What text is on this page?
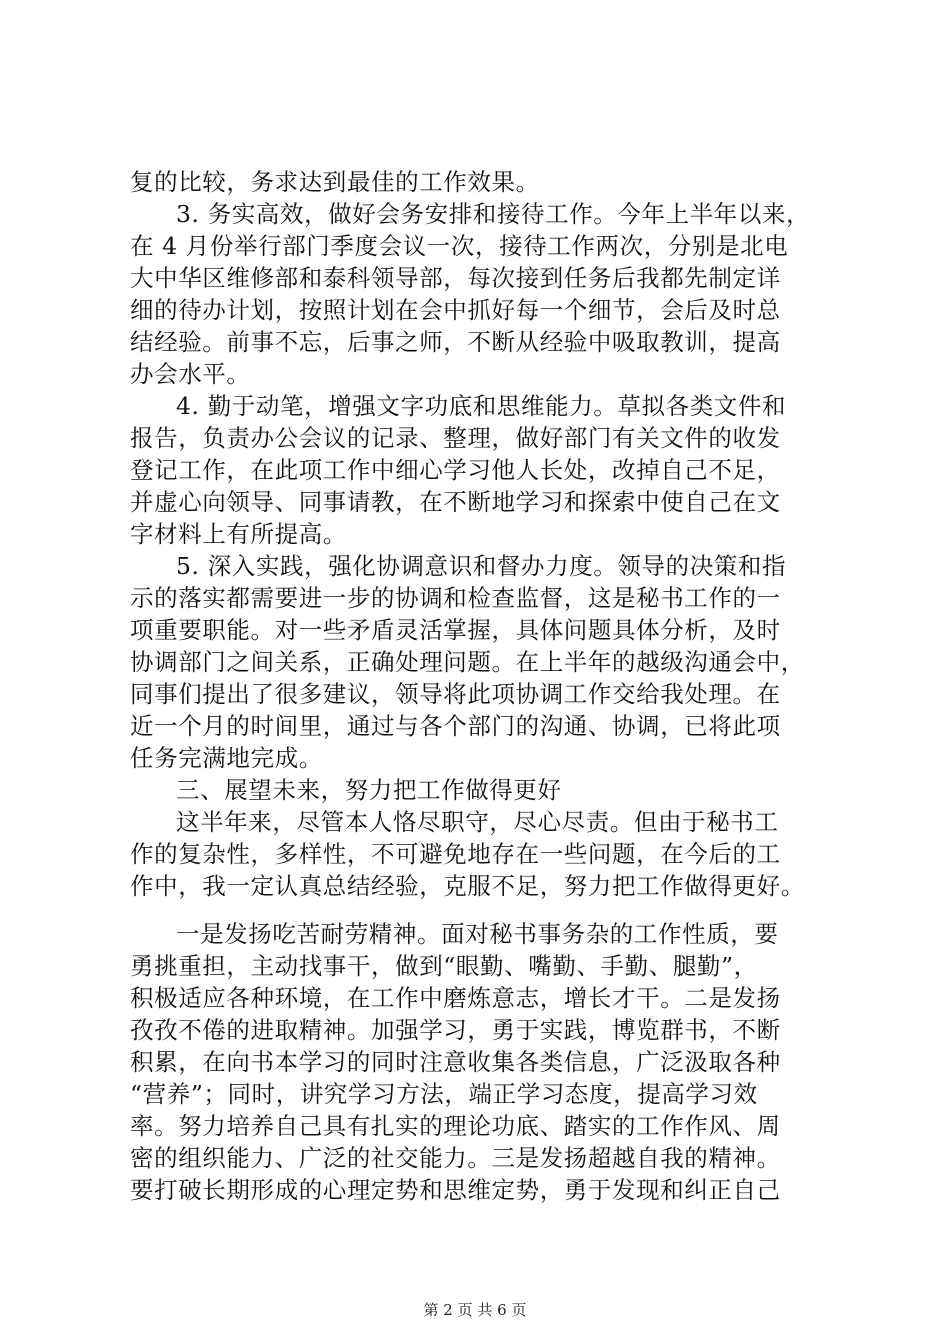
复的比较，务求达到最佳的工作效果。
3. 务实高效，做好会务安排和接待工作。今年上半年以来，
在 4 月份举行部门季度会议一次，接待工作两次，分别是北电
大中华区维修部和泰科领导部，每次接到任务后我都先制定详
细的待办计划，按照计划在会中抓好每一个细节，会后及时总
结经验。前事不忘，后事之师，不断从经验中吸取教训，提高
办会水平。
4. 勤于动笔，增强文字功底和思维能力。草拟各类文件和
报告，负责办公会议的记录、整理，做好部门有关文件的收发
登记工作，在此项工作中细心学习他人长处，改掉自己不足，
并虚心向领导、同事请教，在不断地学习和探索中使自己在文
字材料上有所提高。
5. 深入实践，强化协调意识和督办力度。领导的决策和指
示的落实都需要进一步的协调和检查监督，这是秘书工作的一
项重要职能。对一些矛盾灵活掌握，具体问题具体分析，及时
协调部门之间关系，正确处理问题。在上半年的越级沟通会中，
同事们提出了很多建议，领导将此项协调工作交给我处理。在
近一个月的时间里，通过与各个部门的沟通、协调，已将此项
任务完满地完成。
三、展望未来，努力把工作做得更好
这半年来，尽管本人恪尽职守，尽心尽责。但由于秘书工
作的复杂性，多样性，不可避免地存在一些问题，在今后的工
作中，我一定认真总结经验，克服不足，努力把工作做得更好。
一是发扬吃苦耐劳精神。面对秘书事务杂的工作性质，要
勇挑重担，主动找事干，做到“眼勤、嘴勤、手勤、腿勤”，
积极适应各种环境，在工作中磨炼意志，增长才干。二是发扬
孜孜不倦的进取精神。加强学习，勇于实践，博览群书，不断
积累，在向书本学习的同时注意收集各类信息，广泛汲取各种
“营养”；同时，讲究学习方法，端正学习态度，提高学习效
率。努力培养自己具有扎实的理论功底、踏实的工作作风、周
密的组织能力、广泛的社交能力。三是发扬超越自我的精神。
要打破长期形成的心理定势和思维定势，勇于发现和纠正自己
第 2 页 共 6 页
